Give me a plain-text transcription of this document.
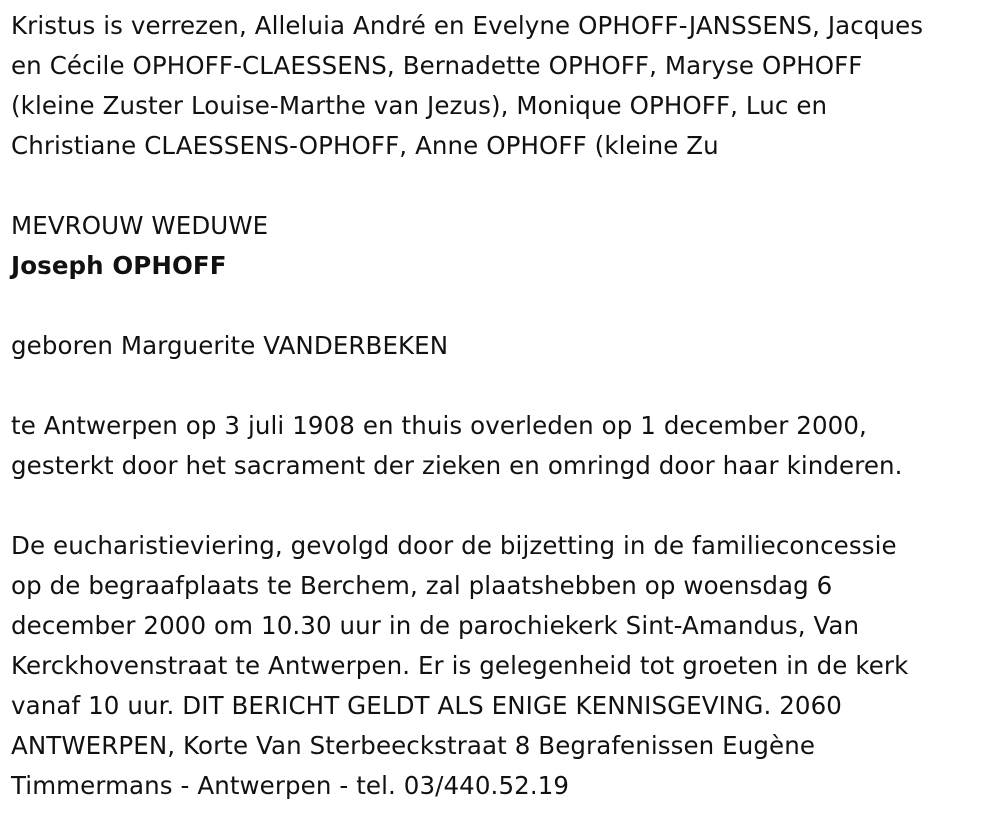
Kristus is verrezen, Alleluia André en Evelyne OPHOFF-JANSSENS, Jacques
en Cécile OPHOFF-CLAESSENS, Bernadette OPHOFF, Maryse OPHOFF
(kleine Zuster Louise-Marthe van Jezus), Monique OPHOFF, Luc en
Christiane CLAESSENS-OPHOFF, Anne OPHOFF (kleine Zu
MEVROUW WEDUWE
Joseph OPHOFF
geboren Marguerite VANDERBEKEN
te Antwerpen op 3 juli 1908 en thuis overleden op 1 december 2000,
gesterkt door het sacrament der zieken en omringd door haar kinderen.
De eucharistieviering, gevolgd door de bijzetting in de familieconcessie
op de begraafplaats te Berchem, zal plaatshebben op woensdag 6
december 2000 om 10.30 uur in de parochiekerk Sint-Amandus, Van
Kerckhovenstraat te Antwerpen. Er is gelegenheid tot groeten in de kerk
vanaf 10 uur. DIT BERICHT GELDT ALS ENIGE KENNISGEVING. 2060
ANTWERPEN, Korte Van Sterbeeckstraat 8 Begrafenissen Eugène
Timmermans - Antwerpen - tel. 03/440.52.19
